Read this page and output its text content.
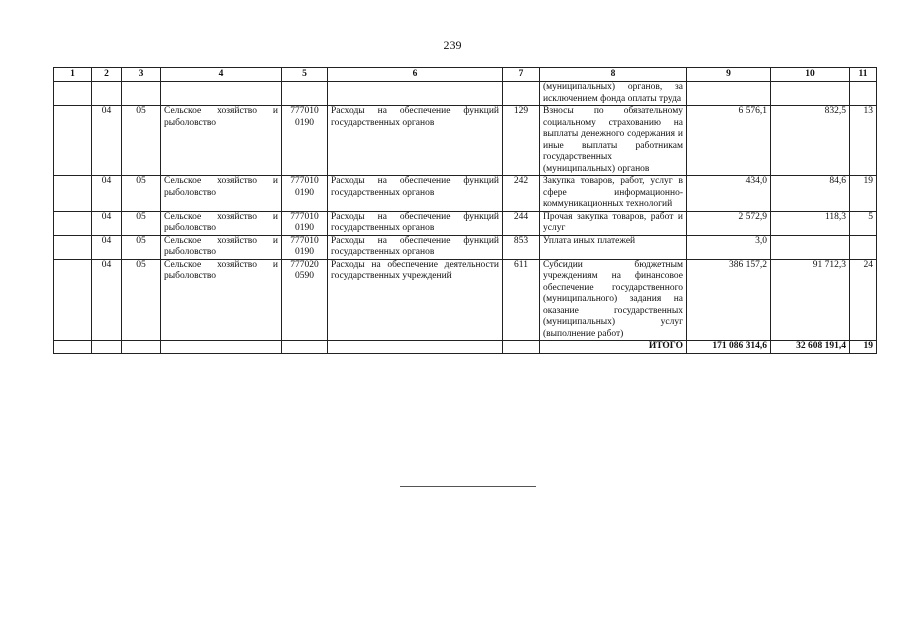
239
1	2	3	4	5	6	7	8	9	10	11
							(муниципальных) органов, за исключением фонда оплаты труда			
	04	05	Сельское хозяйство и рыболовство	777010 0190	Расходы на обеспечение функций государственных органов	129	Взносы по обязательному социальному страхованию на выплаты денежного содержания и иные выплаты работникам государственных (муниципальных) органов	6 576,1	832,5	13
	04	05	Сельское хозяйство и рыболовство	777010 0190	Расходы на обеспечение функций государственных органов	242	Закупка товаров, работ, услуг в сфере информационно-коммуникационных технологий	434,0	84,6	19
	04	05	Сельское хозяйство и рыболовство	777010 0190	Расходы на обеспечение функций государственных органов	244	Прочая закупка товаров, работ и услуг	2 572,9	118,3	5
	04	05	Сельское хозяйство и рыболовство	777010 0190	Расходы на обеспечение функций государственных органов	853	Уплата иных платежей	3,0		
	04	05	Сельское хозяйство и рыболовство	777020 0590	Расходы на обеспечение деятельности государственных учреждений	611	Субсидии бюджетным учреждениям на финансовое обеспечение государственного (муниципального) задания на оказание государственных (муниципальных) услуг (выполнение работ)	386 157,2	91 712,3	24
							ИТОГО	171 086 314,6	32 608 191,4	19
